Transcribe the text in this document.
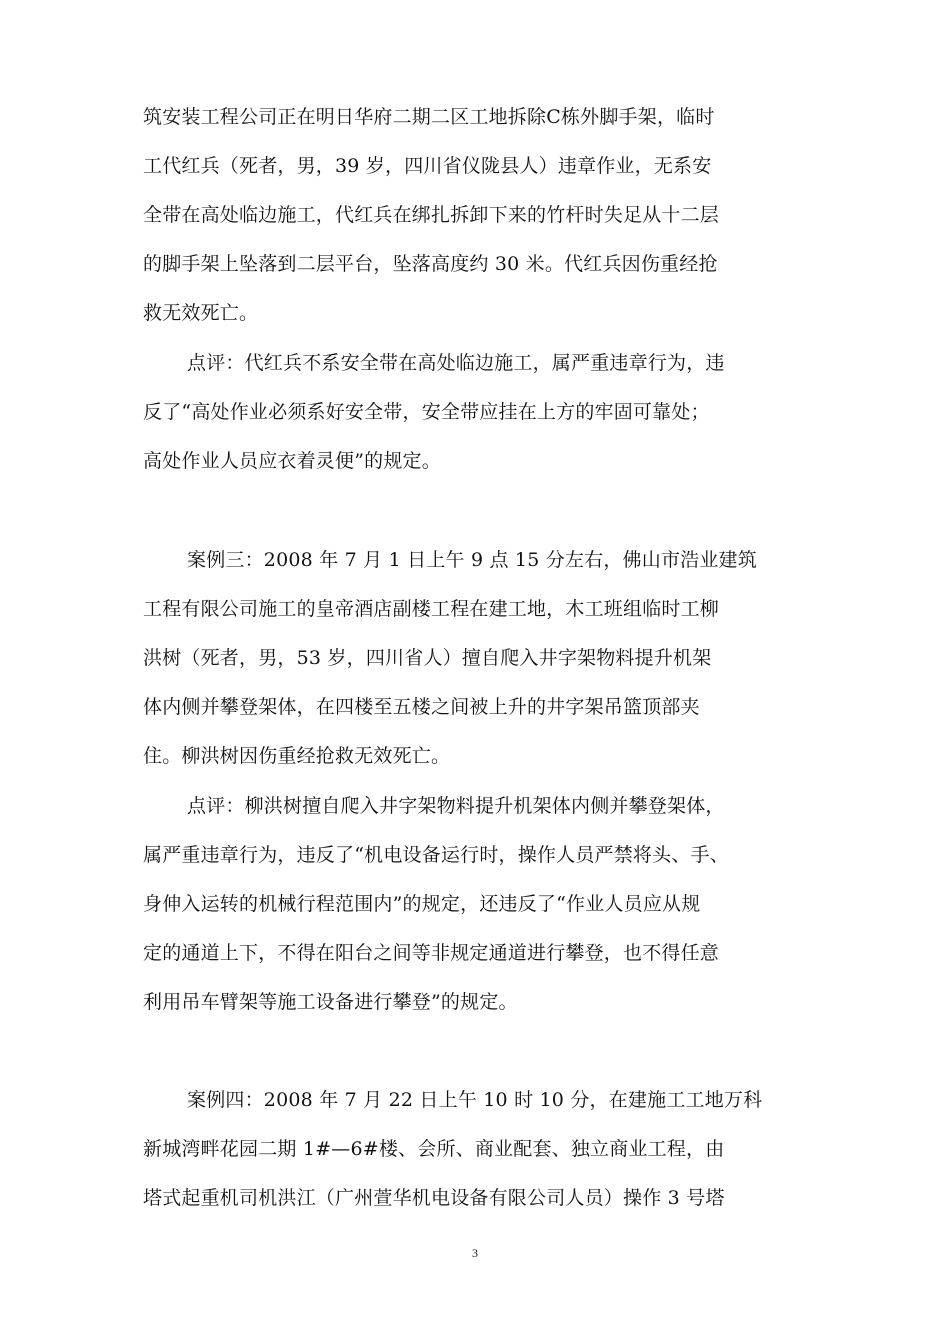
筑安装工程公司正在明日华府二期二区工地拆除C栋外脚手架，临时
工代红兵（死者，男，39 岁，四川省仪陇县人）违章作业，无系安
全带在高处临边施工，代红兵在绑扎拆卸下来的竹杆时失足从十二层
的脚手架上坠落到二层平台，坠落高度约 30 米。代红兵因伤重经抢
救无效死亡。
点评：代红兵不系安全带在高处临边施工，属严重违章行为，违
反了“高处作业必须系好安全带，安全带应挂在上方的牢固可靠处；
高处作业人员应衣着灵便”的规定。
案例三：2008 年 7 月 1 日上午 9 点 15 分左右，佛山市浩业建筑
工程有限公司施工的皇帝酒店副楼工程在建工地，木工班组临时工柳
洪树（死者，男，53 岁，四川省人）擅自爬入井字架物料提升机架
体内侧并攀登架体，在四楼至五楼之间被上升的井字架吊篮顶部夹
住。柳洪树因伤重经抢救无效死亡。
点评：柳洪树擅自爬入井字架物料提升机架体内侧并攀登架体，
属严重违章行为，违反了“机电设备运行时，操作人员严禁将头、手、
身伸入运转的机械行程范围内”的规定，还违反了“作业人员应从规
定的通道上下，不得在阳台之间等非规定通道进行攀登，也不得任意
利用吊车臂架等施工设备进行攀登”的规定。
案例四：2008 年 7 月 22 日上午 10 时 10 分，在建施工工地万科
新城湾畔花园二期 1#—6#楼、会所、商业配套、独立商业工程，由
塔式起重机司机洪江（广州萱华机电设备有限公司人员）操作 3 号塔
3
